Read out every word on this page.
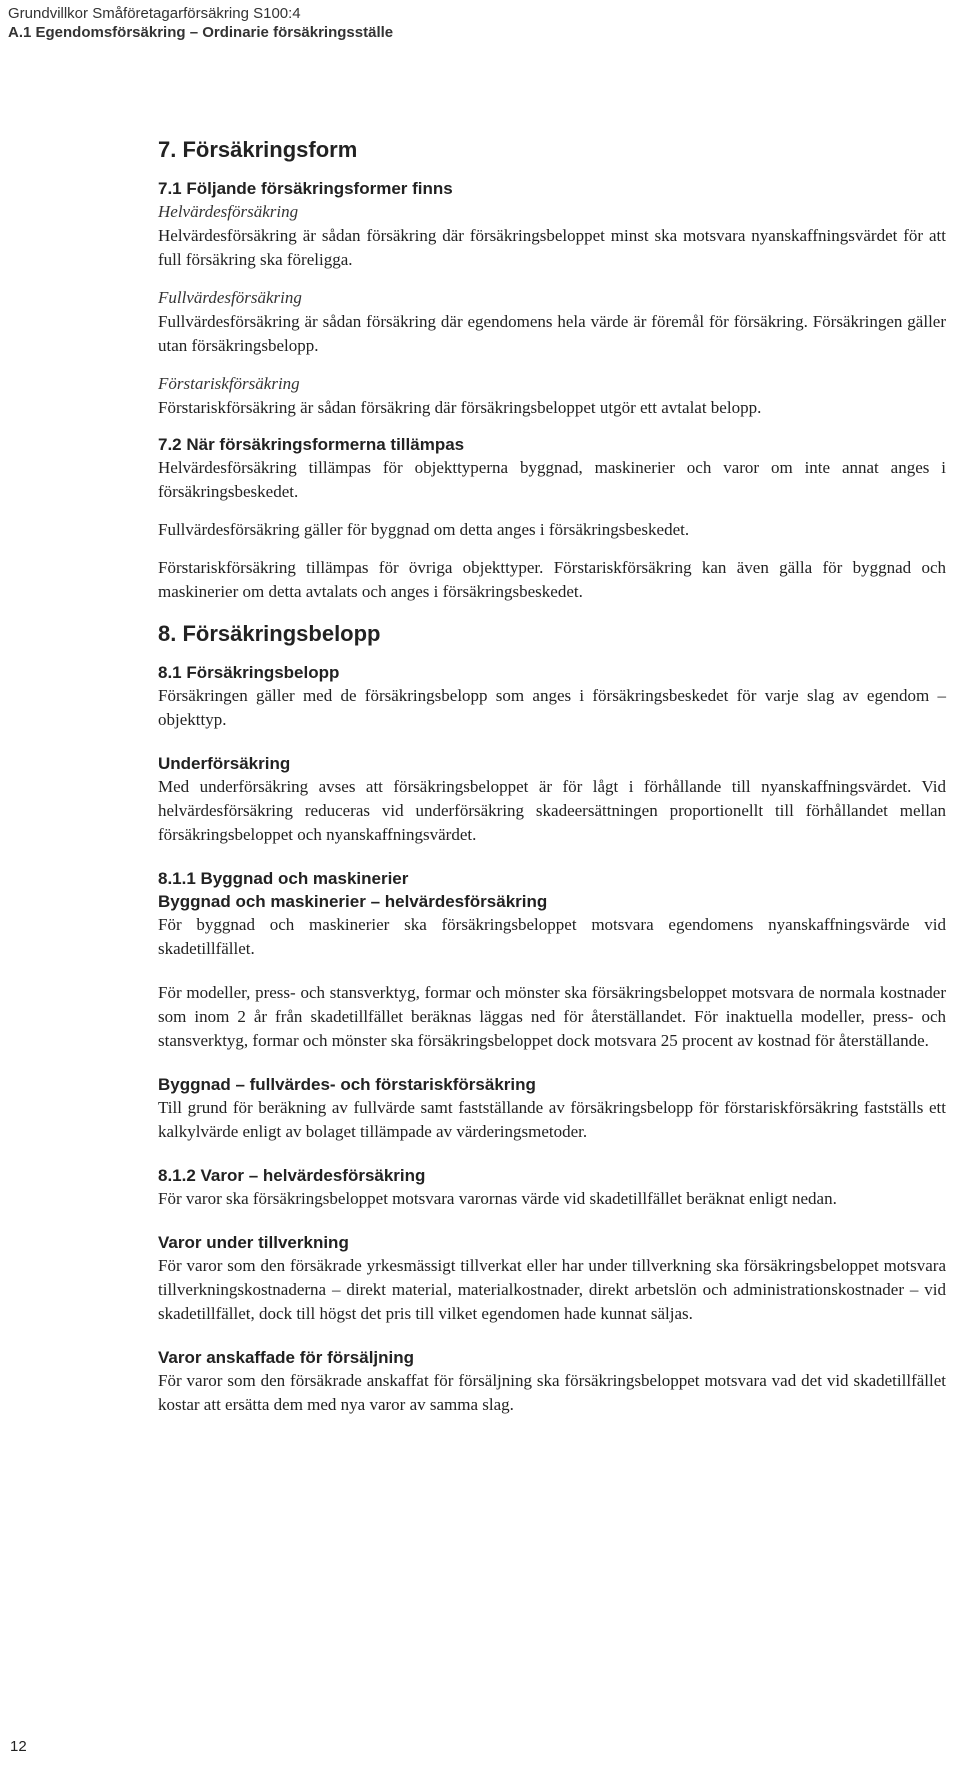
Grundvillkor Småföretagarförsäkring S100:4
A.1 Egendomsförsäkring – Ordinarie försäkringsställe
7. Försäkringsform
7.1 Följande försäkringsformer finns
Helvärdesförsäkring

Helvärdesförsäkring är sådan försäkring där försäkringsbeloppet minst ska motsvara nyanskaffningsvärdet för att full försäkring ska föreligga.

Fullvärdesförsäkring

Fullvärdesförsäkring är sådan försäkring där egendomens hela värde är föremål för försäkring. Försäkringen gäller utan försäkringsbelopp.

Förstariskförsäkring

Förstariskförsäkring är sådan försäkring där försäkringsbeloppet utgör ett avtalat belopp.

7.2 När försäkringsformerna tillämpas

Helvärdesförsäkring tillämpas för objekttyperna byggnad, maskinerier och varor om inte annat anges i försäkringsbeskedet.

Fullvärdesförsäkring gäller för byggnad om detta anges i försäkringsbeskedet.

Förstariskförsäkring tillämpas för övriga objekttyper. Förstariskförsäkring kan även gälla för byggnad och maskinerier om detta avtalats och anges i försäkringsbeskedet.

8. Försäkringsbelopp
8.1 Försäkringsbelopp

Försäkringen gäller med de försäkringsbelopp som anges i försäkringsbeskedet för varje slag av egendom – objekttyp.

Underförsäkring

Med underförsäkring avses att försäkringsbeloppet är för lågt i förhållande till nyanskaffningsvärdet. Vid helvärdesförsäkring reduceras vid underförsäkring skadeersättningen proportionellt till förhållandet mellan försäkringsbeloppet och nyanskaffningsvärdet.

8.1.1 Byggnad och maskinerier
Byggnad och maskinerier – helvärdesförsäkring

För byggnad och maskinerier ska försäkringsbeloppet motsvara egendomens nyanskaffningsvärde vid skadetillfället.

För modeller, press- och stansverktyg, formar och mönster ska försäkringsbeloppet motsvara de normala kostnader som inom 2 år från skadetillfället beräknas läggas ned för återställandet. För inaktuella modeller, press- och stansverktyg, formar och mönster ska försäkringsbeloppet dock motsvara 25 procent av kostnad för återställande.

Byggnad – fullvärdes- och förstariskförsäkring

Till grund för beräkning av fullvärde samt fastställande av försäkringsbelopp för förstariskförsäkring fastställs ett kalkylvärde enligt av bolaget tillämpade av värderingsmetoder.

8.1.2 Varor – helvärdesförsäkring

För varor ska försäkringsbeloppet motsvara varornas värde vid skadetillfället beräknat enligt nedan.

Varor under tillverkning

För varor som den försäkrade yrkesmässigt tillverkat eller har under tillverkning ska försäkringsbeloppet motsvara tillverkningskostnaderna – direkt material, materialkostnader, direkt arbetslön och administrationskostnader – vid skadetillfället, dock till högst det pris till vilket egendomen hade kunnat säljas.

Varor anskaffade för försäljning

För varor som den försäkrade anskaffat för försäljning ska försäkringsbeloppet motsvara vad det vid skadetillfället kostar att ersätta dem med nya varor av samma slag.

12
